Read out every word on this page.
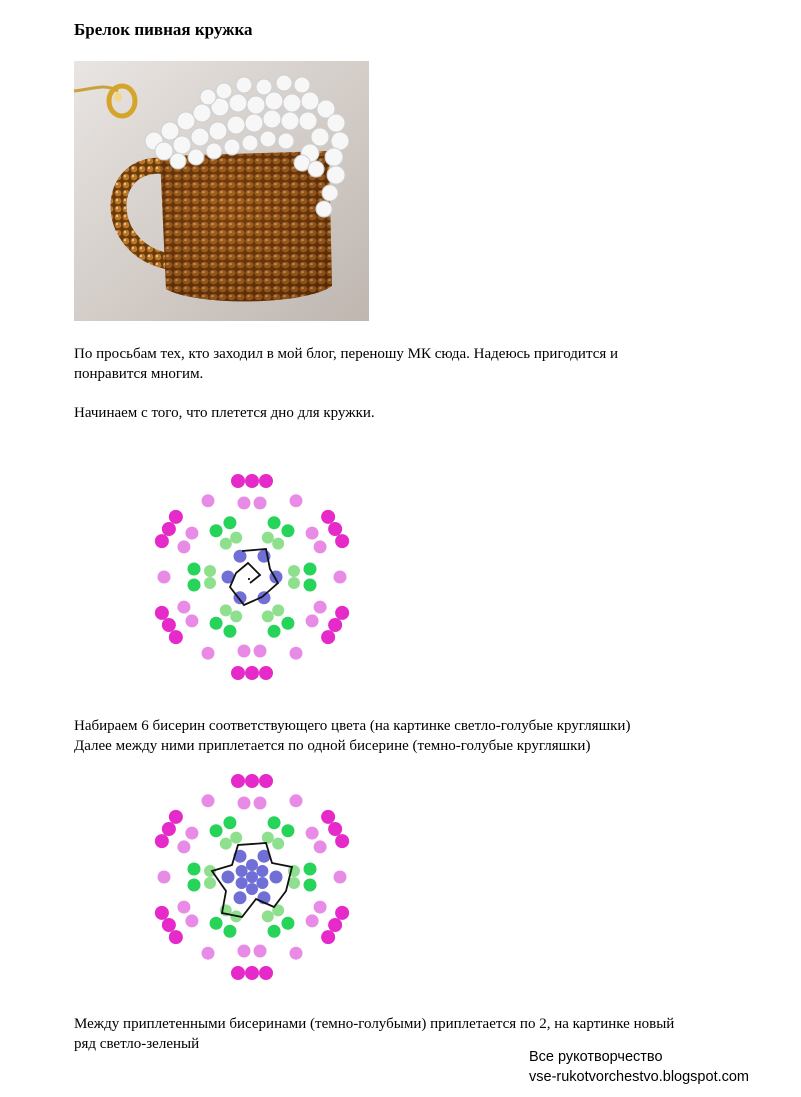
Брелок пивная кружка

По просьбам тех, кто заходил в мой блог, переношу МК сюда. Надеюсь пригодится и
понравится многим.

Начинаем с того, что плетется дно для кружки.

Набираем 6 бисерин соответствующего цвета (на картинке светло-голубые кругляшки)
Далее между ними приплетается по одной бисерине (темно-голубые кругляшки)

Между приплетенными бисеринами (темно-голубыми) приплетается по 2, на картинке новый
ряд светло-зеленый

Все рукотворчество
vse-rukotvorchestvo.blogspot.com
